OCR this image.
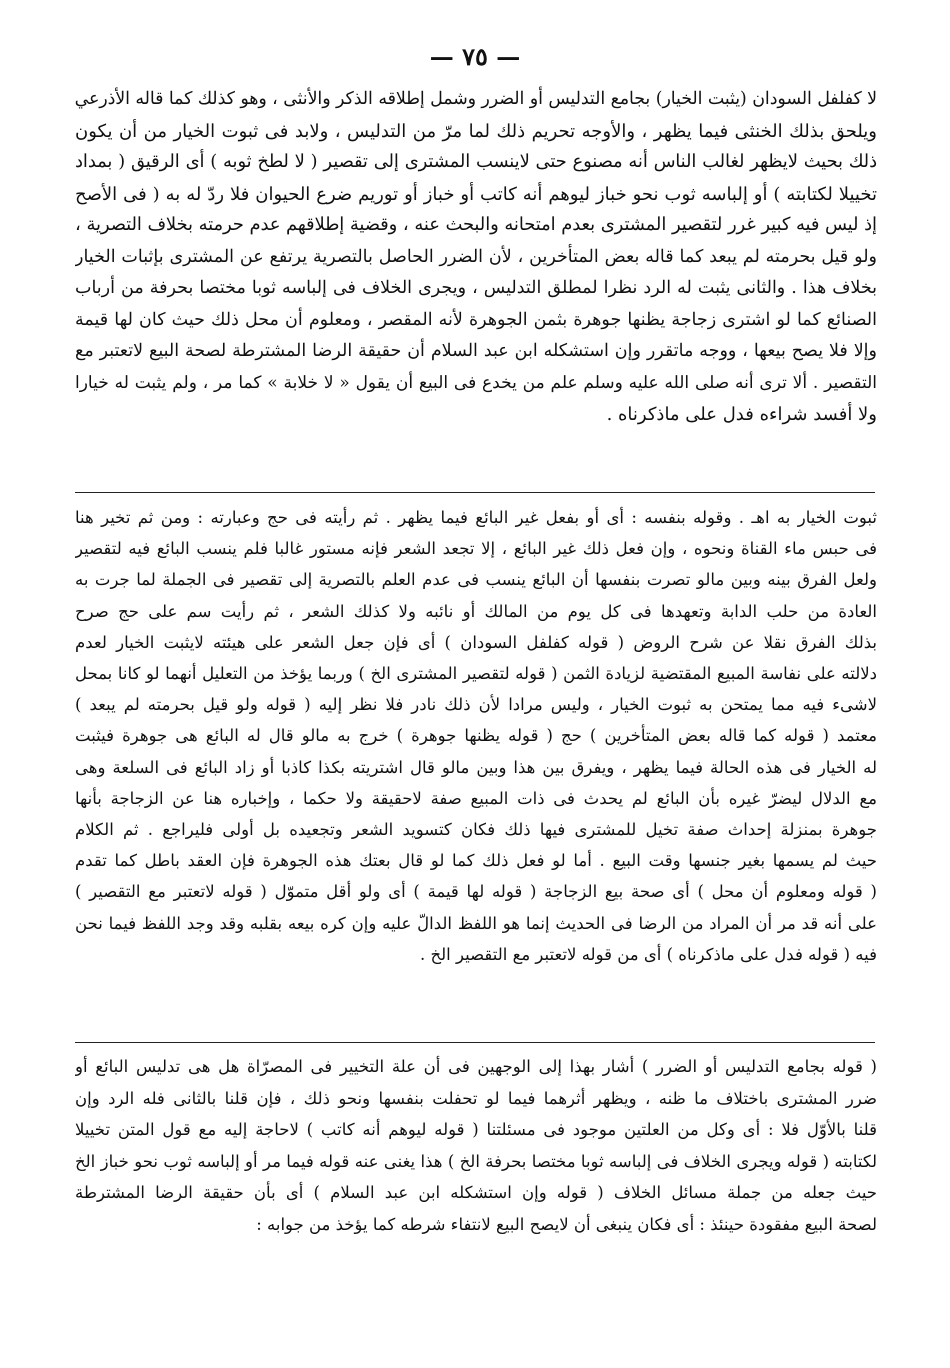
— ٧٥ —
لا كفلفل السودان (يثبت الخيار) بجامع التدليس أو الضرر وشمل إطلاقه الذكر والأنثى ، وهو كذلك كما قاله الأذرعي
ويلحق بذلك الخنثى فيما يظهر ، والأوجه تحريم ذلك لما مرّ من التدليس ، ولابد فى ثبوت الخيار من أن يكون
ذلك بحيث لايظهر لغالب الناس أنه مصنوع حتى لاينسب المشترى إلى تقصير ( لا لطخ ثوبه ) أى الرقيق ( بمداد
تخييلا لكتابته ) أو إلباسه ثوب نحو خباز ليوهم أنه كاتب أو خباز أو توريم ضرع الحيوان فلا ردّ له به ( فى الأصح
إذ ليس فيه كبير غرر لتقصير المشترى بعدم امتحانه والبحث عنه ، وقضية إطلاقهم عدم حرمته بخلاف التصرية ،
ولو قيل بحرمته لم يبعد كما قاله بعض المتأخرين ، لأن الضرر الحاصل بالتصرية يرتفع عن المشترى بإثبات الخيار
بخلاف هذا . والثانى يثبت له الرد نظرا لمطلق التدليس ، ويجرى الخلاف فى إلباسه ثوبا مختصا بحرفة من أرباب
الصنائع كما لو اشترى زجاجة يظنها جوهرة بثمن الجوهرة لأنه المقصر ، ومعلوم أن محل ذلك حيث كان لها قيمة
وإلا فلا يصح بيعها ، ووجه ماتقرر وإن استشكله ابن عبد السلام أن حقيقة الرضا المشترطة لصحة البيع لاتعتبر مع
التقصير . ألا ترى أنه صلى الله عليه وسلم علم من يخدع فى البيع أن يقول « لا خلابة » كما مر ، ولم يثبت له خيارا
ولا أفسد شراءه فدل على ماذكرناه .
ثبوت الخيار به اهـ . وقوله بنفسه : أى أو بفعل غير البائع فيما يظهر . ثم رأيته فى حج وعبارته : ومن ثم تخير هنا
فى حبس ماء القناة ونحوه ، وإن فعل ذلك غير البائع ، إلا تجعد الشعر فإنه مستور غالبا فلم ينسب البائع فيه لتقصير
ولعل الفرق بينه وبين مالو تصرت بنفسها أن البائع ينسب فى عدم العلم بالتصرية إلى تقصير فى الجملة لما جرت به
العادة من حلب الدابة وتعهدها فى كل يوم من المالك أو نائبه ولا كذلك الشعر ، ثم رأيت سم على حج صرح
بذلك الفرق نقلا عن شرح الروض ( قوله كفلفل السودان ) أى فإن جعل الشعر على هيئته لايثبت الخيار لعدم
دلالته على نفاسة المبيع المقتضية لزيادة الثمن ( قوله لتقصير المشترى الخ ) وربما يؤخذ من التعليل أنهما لو كانا بمحل
لاشىء فيه مما يمتحن به ثبوت الخيار ، وليس مرادا لأن ذلك نادر فلا نظر إليه ( قوله ولو قيل بحرمته لم يبعد )
معتمد ( قوله كما قاله بعض المتأخرين ) حج ( قوله يظنها جوهرة ) خرج به مالو قال له البائع هى جوهرة فيثبت
له الخيار فى هذه الحالة فيما يظهر ، ويفرق بين هذا وبين مالو قال اشتريته بكذا كاذبا أو زاد البائع فى السلعة وهى
مع الدلال ليضرّ غيره بأن البائع لم يحدث فى ذات المبيع صفة لاحقيقة ولا حكما ، وإخباره هنا عن الزجاجة بأنها
جوهرة بمنزلة إحداث صفة تخيل للمشترى فيها ذلك فكان كتسويد الشعر وتجعيده بل أولى فليراجع . ثم الكلام
حيث لم يسمها بغير جنسها وقت البيع . أما لو فعل ذلك كما لو قال بعتك هذه الجوهرة فإن العقد باطل كما تقدم
( قوله ومعلوم أن محل ) أى صحة بيع الزجاجة ( قوله لها قيمة ) أى ولو أقل متموّل ( قوله لاتعتبر مع التقصير )
على أنه قد مر أن المراد من الرضا فى الحديث إنما هو اللفظ الدالّ عليه وإن كره بيعه بقلبه وقد وجد اللفظ فيما نحن
فيه ( قوله فدل على ماذكرناه ) أى من قوله لاتعتبر مع التقصير الخ .
( قوله بجامع التدليس أو الضرر ) أشار بهذا إلى الوجهين فى أن علة التخيير فى المصرّاة هل هى تدليس البائع أو
ضرر المشترى باختلاف ما ظنه ، ويظهر أثرهما فيما لو تحفلت بنفسها ونحو ذلك ، فإن قلنا بالثانى فله الرد وإن
قلنا بالأوّل فلا : أى وكل من العلتين موجود فى مسئلتنا ( قوله ليوهم أنه كاتب ) لاحاجة إليه مع قول المتن تخييلا
لكتابته ( قوله ويجرى الخلاف فى إلباسه ثوبا مختصا بحرفة الخ ) هذا يغنى عنه قوله فيما مر أو إلباسه ثوب نحو خباز الخ
حيث جعله من جملة مسائل الخلاف ( قوله وإن استشكله ابن عبد السلام ) أى بأن حقيقة الرضا المشترطة
لصحة البيع مفقودة حينئذ : أى فكان ينبغى أن لايصح البيع لانتفاء شرطه كما يؤخذ من جوابه :
